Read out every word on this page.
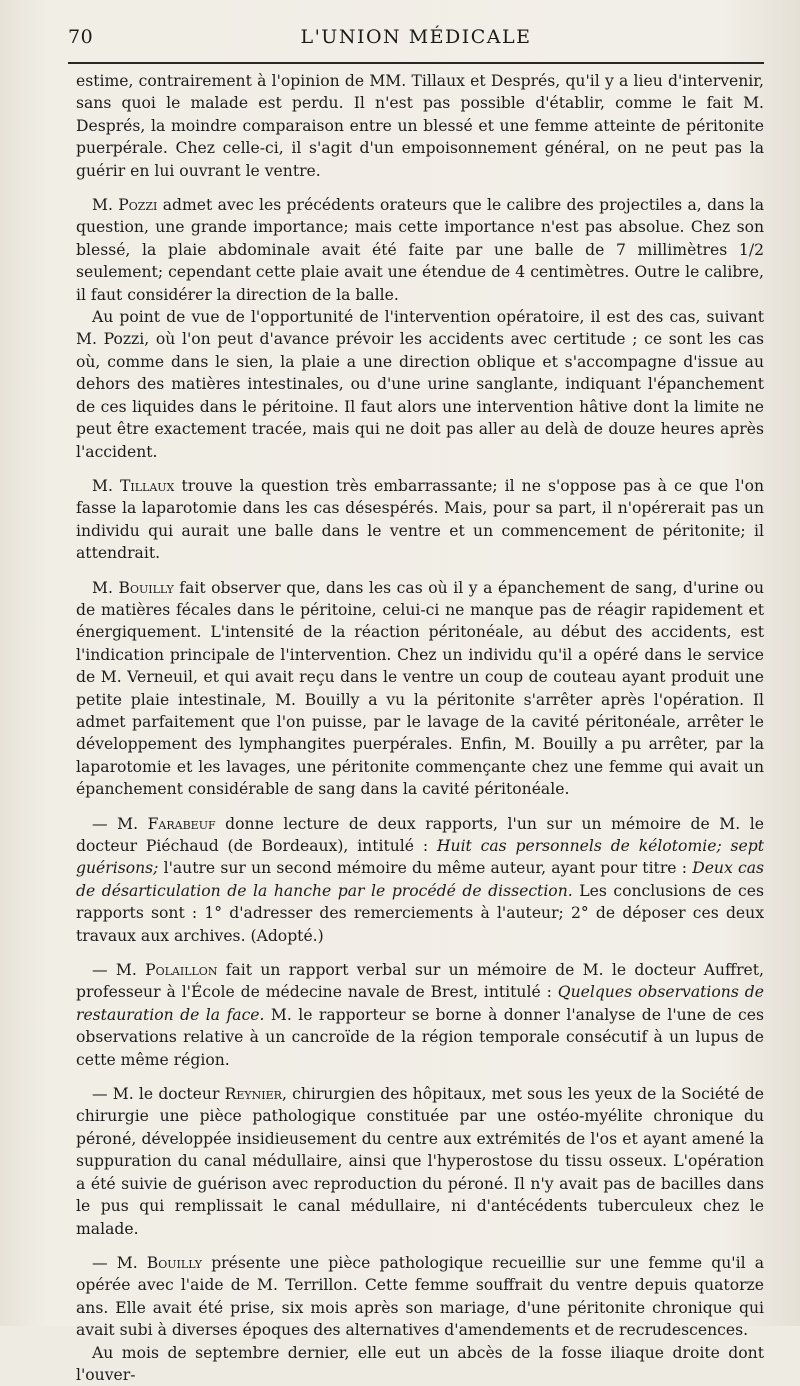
70	L'UNION MÉDICALE

estime, contrairement à l'opinion de MM. Tillaux et Després, qu'il y a lieu d'intervenir, sans quoi le malade est perdu. Il n'est pas possible d'établir, comme le fait M. Després, la moindre comparaison entre un blessé et une femme atteinte de péritonite puerpérale. Chez celle-ci, il s'agit d'un empoisonnement général, on ne peut pas la guérir en lui ouvrant le ventre.

M. Pozzi admet avec les précédents orateurs que le calibre des projectiles a, dans la question, une grande importance; mais cette importance n'est pas absolue. Chez son blessé, la plaie abdominale avait été faite par une balle de 7 millimètres 1/2 seulement; cependant cette plaie avait une étendue de 4 centimètres. Outre le calibre, il faut considérer la direction de la balle.

Au point de vue de l'opportunité de l'intervention opératoire, il est des cas, suivant M. Pozzi, où l'on peut d'avance prévoir les accidents avec certitude ; ce sont les cas où, comme dans le sien, la plaie a une direction oblique et s'accompagne d'issue au dehors des matières intestinales, ou d'une urine sanglante, indiquant l'épanchement de ces liquides dans le péritoine. Il faut alors une intervention hâtive dont la limite ne peut être exactement tracée, mais qui ne doit pas aller au delà de douze heures après l'accident.

M. Tillaux trouve la question très embarrassante; il ne s'oppose pas à ce que l'on fasse la laparotomie dans les cas désespérés. Mais, pour sa part, il n'opérerait pas un individu qui aurait une balle dans le ventre et un commencement de péritonite; il attendrait.

M. Bouilly fait observer que, dans les cas où il y a épanchement de sang, d'urine ou de matières fécales dans le péritoine, celui-ci ne manque pas de réagir rapidement et énergiquement. L'intensité de la réaction péritonéale, au début des accidents, est l'indication principale de l'intervention. Chez un individu qu'il a opéré dans le service de M. Verneuil, et qui avait reçu dans le ventre un coup de couteau ayant produit une petite plaie intestinale, M. Bouilly a vu la péritonite s'arrêter après l'opération. Il admet parfaitement que l'on puisse, par le lavage de la cavité péritonéale, arrêter le développement des lymphangites puerpérales. Enfin, M. Bouilly a pu arrêter, par la laparotomie et les lavages, une péritonite commençante chez une femme qui avait un épanchement considérable de sang dans la cavité péritonéale.

— M. Farabeuf donne lecture de deux rapports, l'un sur un mémoire de M. le docteur Piéchaud (de Bordeaux), intitulé : Huit cas personnels de kélotomie; sept guérisons; l'autre sur un second mémoire du même auteur, ayant pour titre : Deux cas de désarticulation de la hanche par le procédé de dissection. Les conclusions de ces rapports sont : 1° d'adresser des remerciements à l'auteur; 2° de déposer ces deux travaux aux archives. (Adopté.)

— M. Polaillon fait un rapport verbal sur un mémoire de M. le docteur Auffret, professeur à l'École de médecine navale de Brest, intitulé : Quelques observations de restauration de la face. M. le rapporteur se borne à donner l'analyse de l'une de ces observations relative à un cancroïde de la région temporale consécutif à un lupus de cette même région.

— M. le docteur Reynier, chirurgien des hôpitaux, met sous les yeux de la Société de chirurgie une pièce pathologique constituée par une ostéo-myélite chronique du péroné, développée insidieusement du centre aux extrémités de l'os et ayant amené la suppuration du canal médullaire, ainsi que l'hyperostose du tissu osseux. L'opération a été suivie de guérison avec reproduction du péroné. Il n'y avait pas de bacilles dans le pus qui remplissait le canal médullaire, ni d'antécédents tuberculeux chez le malade.

— M. Bouilly présente une pièce pathologique recueillie sur une femme qu'il a opérée avec l'aide de M. Terrillon. Cette femme souffrait du ventre depuis quatorze ans. Elle avait été prise, six mois après son mariage, d'une péritonite chronique qui avait subi à diverses époques des alternatives d'amendements et de recrudescences.

Au mois de septembre dernier, elle eut un abcès de la fosse iliaque droite dont l'ouver-
